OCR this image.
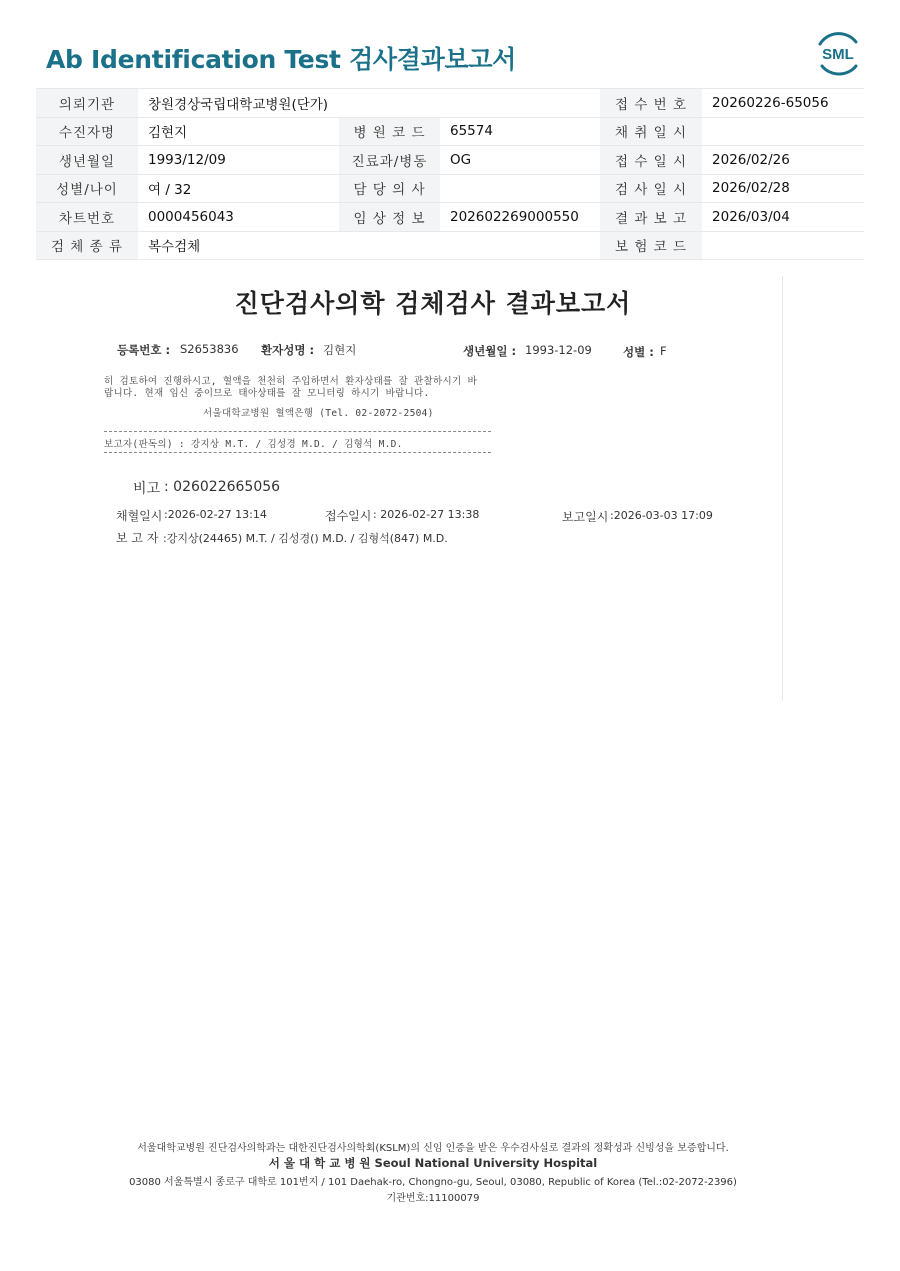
Ab Identification Test 검사결과보고서	SML
의뢰기관	창원경상국립대학교병원(단가)			접 수 번 호	20260226-65056
수진자명	김현지	병 원 코 드	65574	채 취 일 시	
생년월일	1993/12/09	진료과/병동	OG	접 수 일 시	2026/02/26
성별/나이	여 / 32	담 당 의 사		검 사 일 시	2026/02/28
차트번호	0000456043	임 상 정 보	202602269000550	결 과 보 고	2026/03/04
검 체 종 류	복수검체			보 험 코 드	
진단검사의학 검체검사 결과보고서
등록번호 : S2653836 환자성명 : 김현지	생년월일 : 1993-12-09	성별 : F
히 검토하여 진행하시고, 혈액을 천천히 주입하면서 환자상태를 잘 관찰하시기 바
랍니다. 현재 임신 중이므로 태아상태를 잘 모니터링 하시기 바랍니다.
서울대학교병원 혈액은행 (Tel. 02-2072-2504)
보고자(판독의) : 강지상 M.T. / 김성경 M.D. / 김형석 M.D.
비고 : 026022665056
채혈일시 :2026-02-27 13:14	접수일시 : 2026-02-27 13:38	보고일시 :2026-03-03 17:09
보 고 자 :강지상(24465) M.T. / 김성경() M.D. / 김형석(847) M.D.
서울대학교병원 진단검사의학과는 대한진단검사의학회(KSLM)의 신임 인증을 받은 우수검사실로 결과의 정확성과 신빙성을 보증합니다.
서 울 대 학 교 병 원 Seoul National University Hospital
03080 서울특별시 종로구 대학로 101번지 / 101 Daehak-ro, Chongno-gu, Seoul, 03080, Republic of Korea (Tel.:02-2072-2396)
기관번호:11100079
